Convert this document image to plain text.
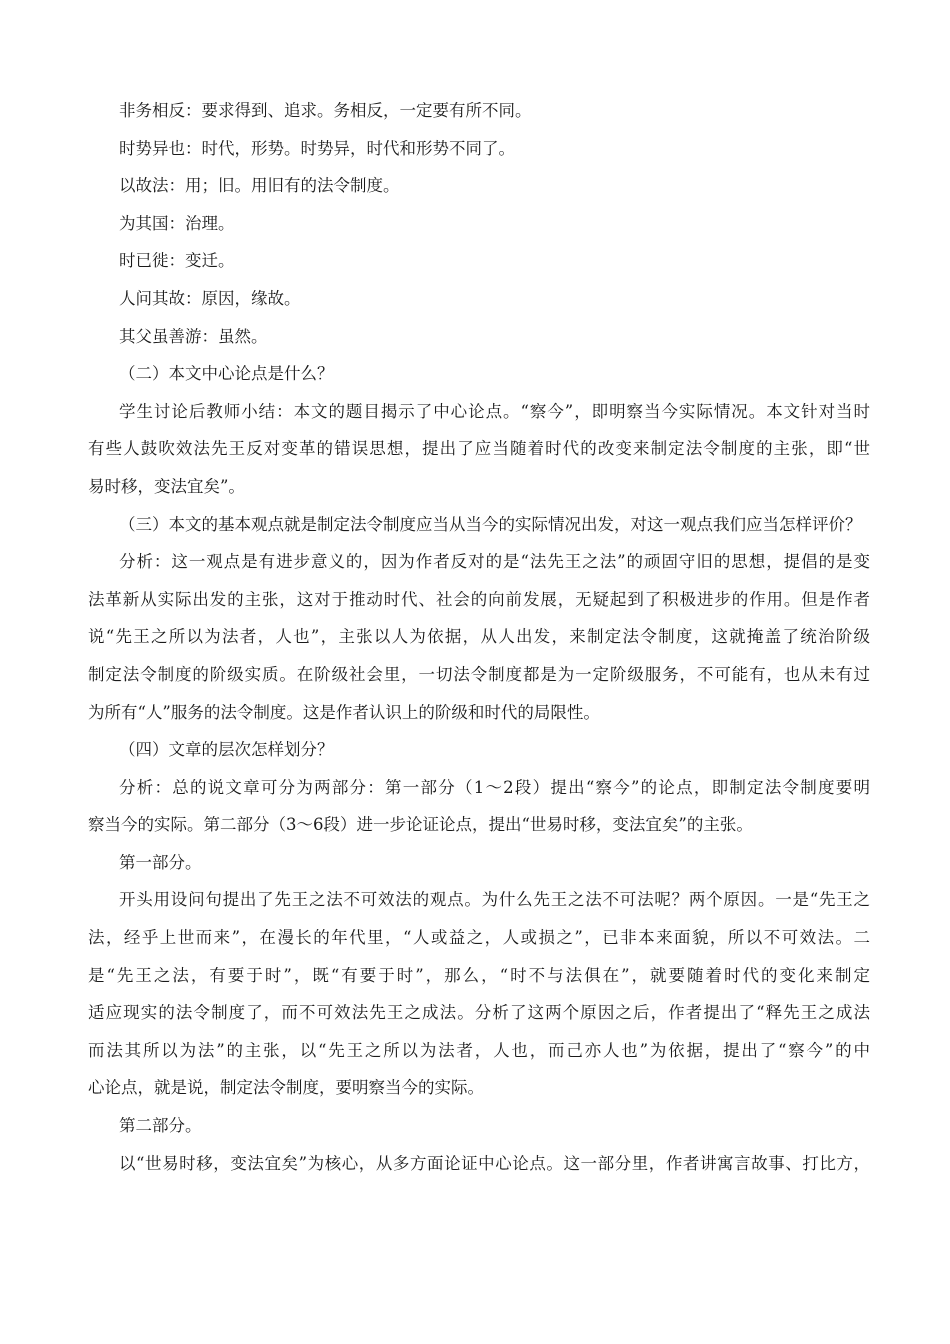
非务相反：要求得到、追求。务相反，一定要有所不同。
时势异也：时代，形势。时势异，时代和形势不同了。
以故法：用；旧。用旧有的法令制度。
为其国：治理。
时已徙：变迁。
人问其故：原因，缘故。
其父虽善游：虽然。
（二）本文中心论点是什么？
学生讨论后教师小结：本文的题目揭示了中心论点。“察今”，即明察当今实际情况。本文针对当时
有些人鼓吹效法先王反对变革的错误思想，提出了应当随着时代的改变来制定法令制度的主张，即“世
易时移，变法宜矣”。
（三）本文的基本观点就是制定法令制度应当从当今的实际情况出发，对这一观点我们应当怎样评价？
分析：这一观点是有进步意义的，因为作者反对的是“法先王之法”的顽固守旧的思想，提倡的是变
法革新从实际出发的主张，这对于推动时代、社会的向前发展，无疑起到了积极进步的作用。但是作者
说“先王之所以为法者，人也”，主张以人为依据，从人出发，来制定法令制度，这就掩盖了统治阶级
制定法令制度的阶级实质。在阶级社会里，一切法令制度都是为一定阶级服务，不可能有，也从未有过
为所有“人”服务的法令制度。这是作者认识上的阶级和时代的局限性。
（四）文章的层次怎样划分？
分析：总的说文章可分为两部分：第一部分（1～2段）提出“察今”的论点，即制定法令制度要明
察当今的实际。第二部分（3～6段）进一步论证论点，提出“世易时移，变法宜矣”的主张。
第一部分。
开头用设问句提出了先王之法不可效法的观点。为什么先王之法不可法呢？两个原因。一是“先王之
法，经乎上世而来”，在漫长的年代里，“人或益之，人或损之”，已非本来面貌，所以不可效法。二
是“先王之法，有要于时”，既“有要于时”，那么，“时不与法俱在”，就要随着时代的变化来制定
适应现实的法令制度了，而不可效法先王之成法。分析了这两个原因之后，作者提出了“释先王之成法
而法其所以为法”的主张，以“先王之所以为法者，人也，而己亦人也”为依据，提出了“察今”的中
心论点，就是说，制定法令制度，要明察当今的实际。
第二部分。
以“世易时移，变法宜矣”为核心，从多方面论证中心论点。这一部分里，作者讲寓言故事、打比方，
